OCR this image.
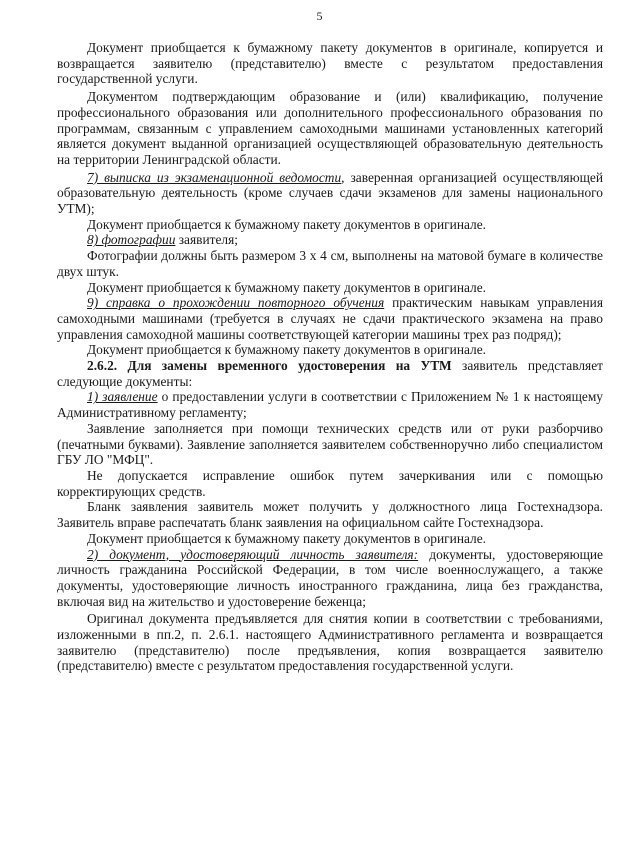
5

Документ приобщается к бумажному пакету документов в оригинале, копируется и возвращается заявителю (представителю) вместе с результатом предоставления государственной услуги.

Документом подтверждающим образование и (или) квалификацию, получение профессионального образования или дополнительного профессионального образования по программам, связанным с управлением самоходными машинами установленных категорий является документ выданной организацией осуществляющей образовательную деятельность на территории Ленинградской области.

7) выписка из экзаменационной ведомости, заверенная организацией осуществляющей образовательную деятельность (кроме случаев сдачи экзаменов для замены национального УТМ);

Документ приобщается к бумажному пакету документов в оригинале.

8) фотографии заявителя;

Фотографии должны быть размером 3 х 4 см, выполнены на матовой бумаге в количестве двух штук.

Документ приобщается к бумажному пакету документов в оригинале.

9) справка о прохождении повторного обучения практическим навыкам управления самоходными машинами (требуется в случаях не сдачи практического экзамена на право управления самоходной машины соответствующей категории машины трех раз подряд);

Документ приобщается к бумажному пакету документов в оригинале.

2.6.2. Для замены временного удостоверения на УТМ заявитель представляет следующие документы:

1) заявление о предоставлении услуги в соответствии с Приложением № 1 к настоящему Административному регламенту;

Заявление заполняется при помощи технических средств или от руки разборчиво (печатными буквами). Заявление заполняется заявителем собственноручно либо специалистом ГБУ ЛО "МФЦ".

Не допускается исправление ошибок путем зачеркивания или с помощью корректирующих средств.

Бланк заявления заявитель может получить у должностного лица Гостехнадзора. Заявитель вправе распечатать бланк заявления на официальном сайте Гостехнадзора.

Документ приобщается к бумажному пакету документов в оригинале.

2) документ, удостоверяющий личность заявителя: документы, удостоверяющие личность гражданина Российской Федерации, в том числе военнослужащего, а также документы, удостоверяющие личность иностранного гражданина, лица без гражданства, включая вид на жительство и удостоверение беженца;

Оригинал документа предъявляется для снятия копии в соответствии с требованиями, изложенными в пп.2, п. 2.6.1. настоящего Административного регламента и возвращается заявителю (представителю) после предъявления, копия возвращается заявителю (представителю) вместе с результатом предоставления государственной услуги.
